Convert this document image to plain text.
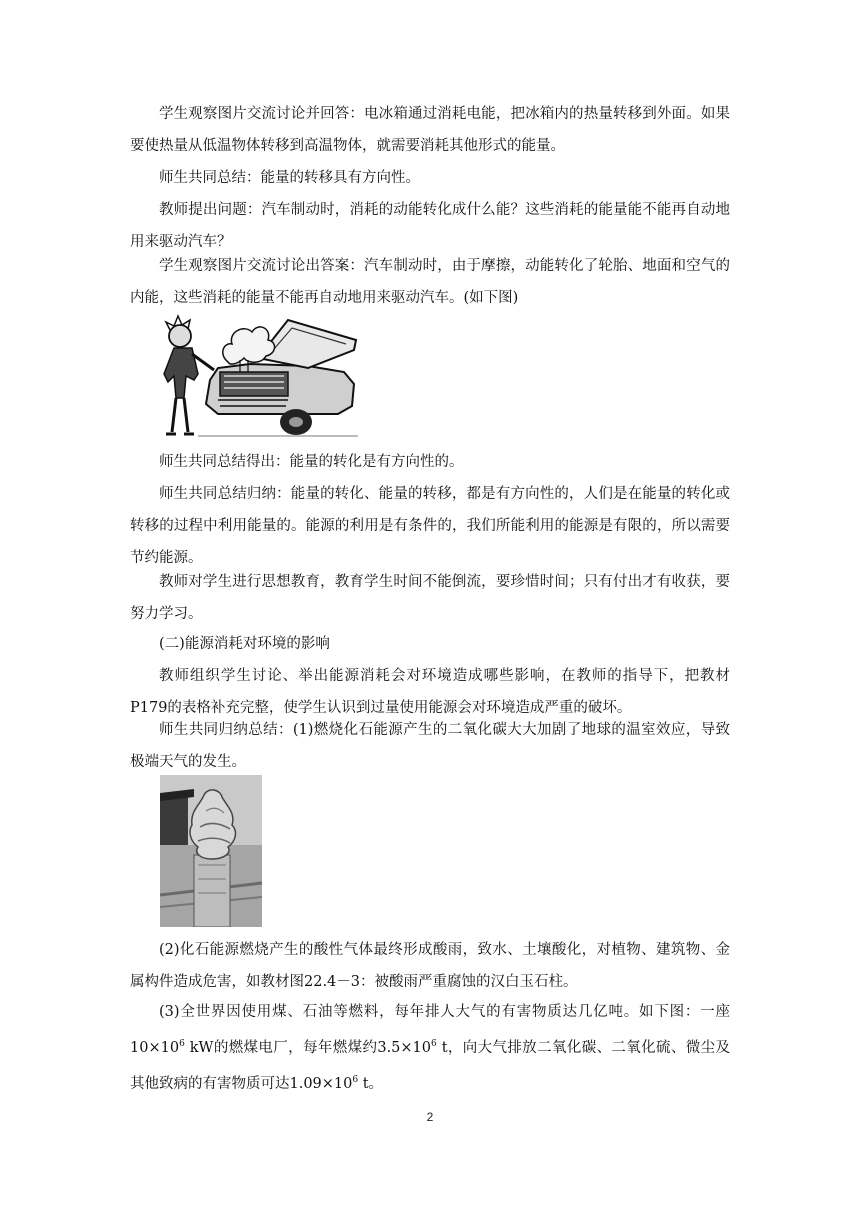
学生观察图片交流讨论并回答：电冰箱通过消耗电能，把冰箱内的热量转移到外面。如果要使热量从低温物体转移到高温物体，就需要消耗其他形式的能量。

师生共同总结：能量的转移具有方向性。

教师提出问题：汽车制动时，消耗的动能转化成什么能？这些消耗的能量能不能再自动地用来驱动汽车？

学生观察图片交流讨论出答案：汽车制动时，由于摩擦，动能转化了轮胎、地面和空气的内能，这些消耗的能量不能再自动地用来驱动汽车。(如下图)

师生共同总结得出：能量的转化是有方向性的。

师生共同总结归纳：能量的转化、能量的转移，都是有方向性的，人们是在能量的转化或转移的过程中利用能量的。能源的利用是有条件的，我们所能利用的能源是有限的，所以需要节约能源。

教师对学生进行思想教育，教育学生时间不能倒流，要珍惜时间；只有付出才有收获，要努力学习。

(二)能源消耗对环境的影响

教师组织学生讨论、举出能源消耗会对环境造成哪些影响，在教师的指导下，把教材P179的表格补充完整，使学生认识到过量使用能源会对环境造成严重的破坏。

师生共同归纳总结：(1)燃烧化石能源产生的二氧化碳大大加剧了地球的温室效应，导致极端天气的发生。

(2)化石能源燃烧产生的酸性气体最终形成酸雨，致水、土壤酸化，对植物、建筑物、金属构件造成危害，如教材图22.4－3：被酸雨严重腐蚀的汉白玉石柱。

(3)全世界因使用煤、石油等燃料，每年排人大气的有害物质达几亿吨。如下图：一座$10\times 10^6$ kW的燃煤电厂，每年燃煤约$3.5\times 10^6$ t，向大气排放二氧化碳、二氧化硫、微尘及其他致病的有害物质可达$1.09\times 10^6$ t。

2
